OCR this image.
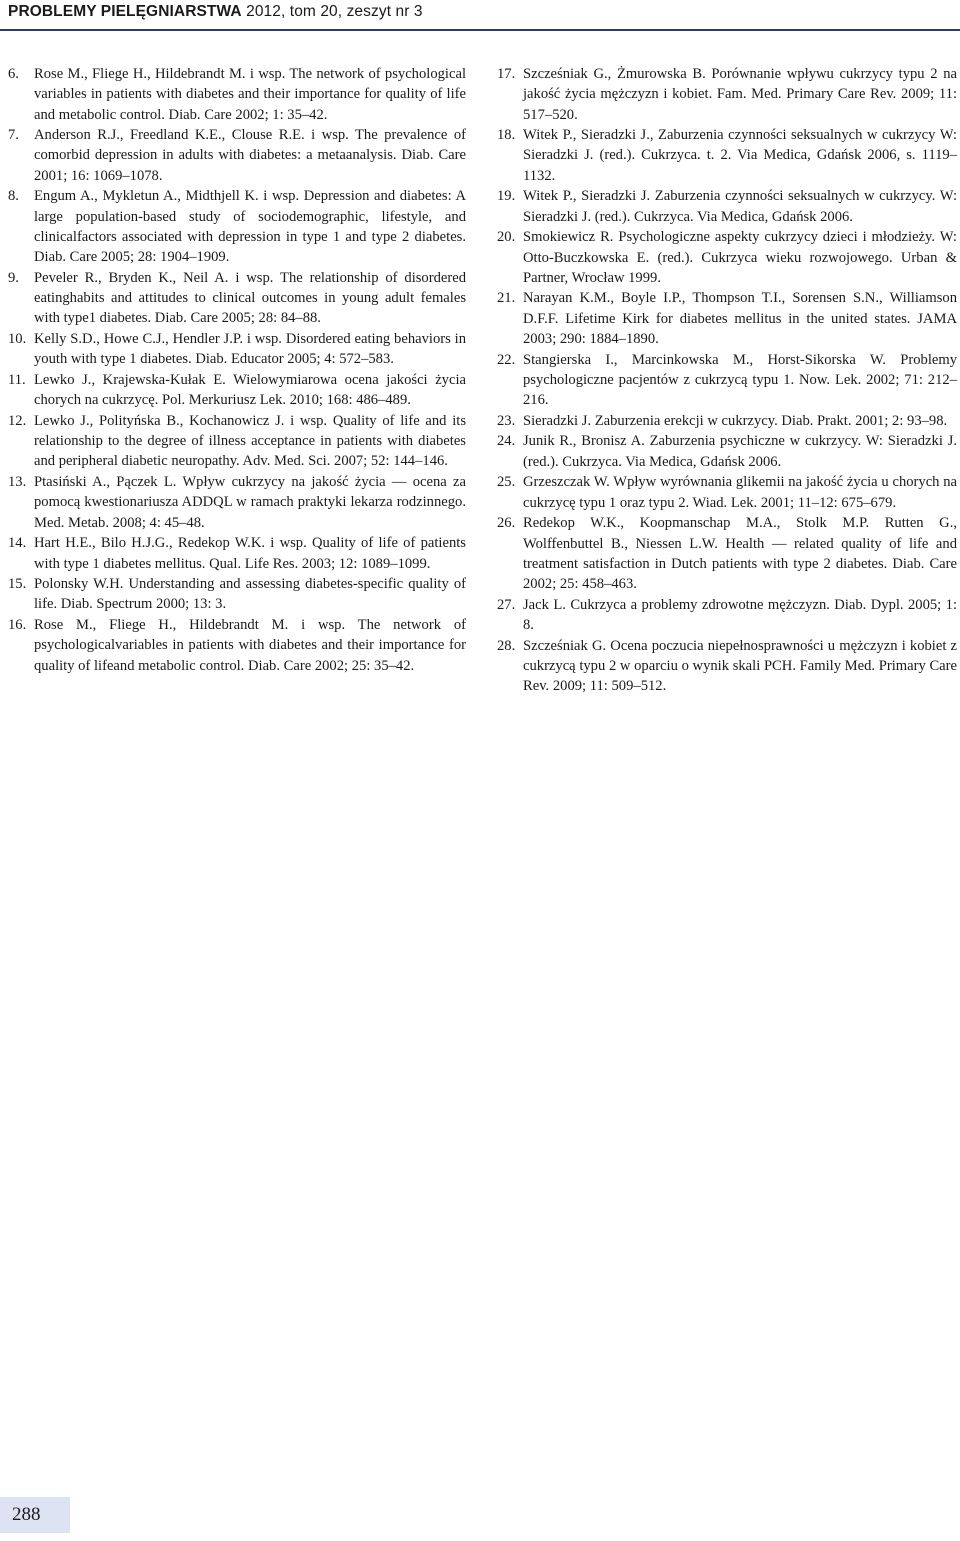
PROBLEMY PIELĘGNIARSTWA 2012, tom 20, zeszyt nr 3

6. Rose M., Fliege H., Hildebrandt M. i wsp. The network of psychological variables in patients with diabetes and their importance for quality of life and metabolic control. Diab. Care 2002; 1: 35–42.

7. Anderson R.J., Freedland K.E., Clouse R.E. i wsp. The prevalence of comorbid depression in adults with diabetes: a metaanalysis. Diab. Care 2001; 16: 1069–1078.

8. Engum A., Mykletun A., Midthjell K. i wsp. Depression and diabetes: A large population-based study of sociodemographic, lifestyle, and clinicalfactors associated with depression in type 1 and type 2 diabetes. Diab. Care 2005; 28: 1904–1909.

9. Peveler R., Bryden K., Neil A. i wsp. The relationship of disordered eatinghabits and attitudes to clinical outcomes in young adult females with type1 diabetes. Diab. Care 2005; 28: 84–88.

10. Kelly S.D., Howe C.J., Hendler J.P. i wsp. Disordered eating behaviors in youth with type 1 diabetes. Diab. Educator 2005; 4: 572–583.

11. Lewko J., Krajewska-Kułak E. Wielowymiarowa ocena jakości życia chorych na cukrzycę. Pol. Merkuriusz Lek. 2010; 168: 486–489.

12. Lewko J., Polityńska B., Kochanowicz J. i wsp. Quality of life and its relationship to the degree of illness acceptance in patients with diabetes and peripheral diabetic neuropathy. Adv. Med. Sci. 2007; 52: 144–146.

13. Ptasiński A., Pączek L. Wpływ cukrzycy na jakość życia — ocena za pomocą kwestionariusza ADDQL w ramach praktyki lekarza rodzinnego. Med. Metab. 2008; 4: 45–48.

14. Hart H.E., Bilo H.J.G., Redekop W.K. i wsp. Quality of life of patients with type 1 diabetes mellitus. Qual. Life Res. 2003; 12: 1089–1099.

15. Polonsky W.H. Understanding and assessing diabetes-specific quality of life. Diab. Spectrum 2000; 13: 3.

16. Rose M., Fliege H., Hildebrandt M. i wsp. The network of psychologicalvariables in patients with diabetes and their importance for quality of lifeand metabolic control. Diab. Care 2002; 25: 35–42.

17. Szcześniak G., Żmurowska B. Porównanie wpływu cukrzycy typu 2 na jakość życia mężczyzn i kobiet. Fam. Med. Primary Care Rev. 2009; 11: 517–520.

18. Witek P., Sieradzki J., Zaburzenia czynności seksualnych w cukrzycy W: Sieradzki J. (red.). Cukrzyca. t. 2. Via Medica, Gdańsk 2006, s. 1119–1132.

19. Witek P., Sieradzki J. Zaburzenia czynności seksualnych w cukrzycy. W: Sieradzki J. (red.). Cukrzyca. Via Medica, Gdańsk 2006.

20. Smokiewicz R. Psychologiczne aspekty cukrzycy dzieci i młodzieży. W: Otto-Buczkowska E. (red.). Cukrzyca wieku rozwojowego. Urban & Partner, Wrocław 1999.

21. Narayan K.M., Boyle I.P., Thompson T.I., Sorensen S.N., Williamson D.F.F. Lifetime Kirk for diabetes mellitus in the united states. JAMA 2003; 290: 1884–1890.

22. Stangierska I., Marcinkowska M., Horst-Sikorska W. Problemy psychologiczne pacjentów z cukrzycą typu 1. Now. Lek. 2002; 71: 212–216.

23. Sieradzki J. Zaburzenia erekcji w cukrzycy. Diab. Prakt. 2001; 2: 93–98.

24. Junik R., Bronisz A. Zaburzenia psychiczne w cukrzycy. W: Sieradzki J. (red.). Cukrzyca. Via Medica, Gdańsk 2006.

25. Grzeszczak W. Wpływ wyrównania glikemii na jakość życia u chorych na cukrzycę typu 1 oraz typu 2. Wiad. Lek. 2001; 11–12: 675–679.

26. Redekop W.K., Koopmanschap M.A., Stolk M.P. Rutten G., Wolffenbuttel B., Niessen L.W. Health — related quality of life and treatment satisfaction in Dutch patients with type 2 diabetes. Diab. Care 2002; 25: 458–463.

27. Jack L. Cukrzyca a problemy zdrowotne mężczyzn. Diab. Dypl. 2005; 1: 8.

28. Szcześniak G. Ocena poczucia niepełnosprawności u mężczyzn i kobiet z cukrzycą typu 2 w oparciu o wynik skali PCH. Family Med. Primary Care Rev. 2009; 11: 509–512.

288
